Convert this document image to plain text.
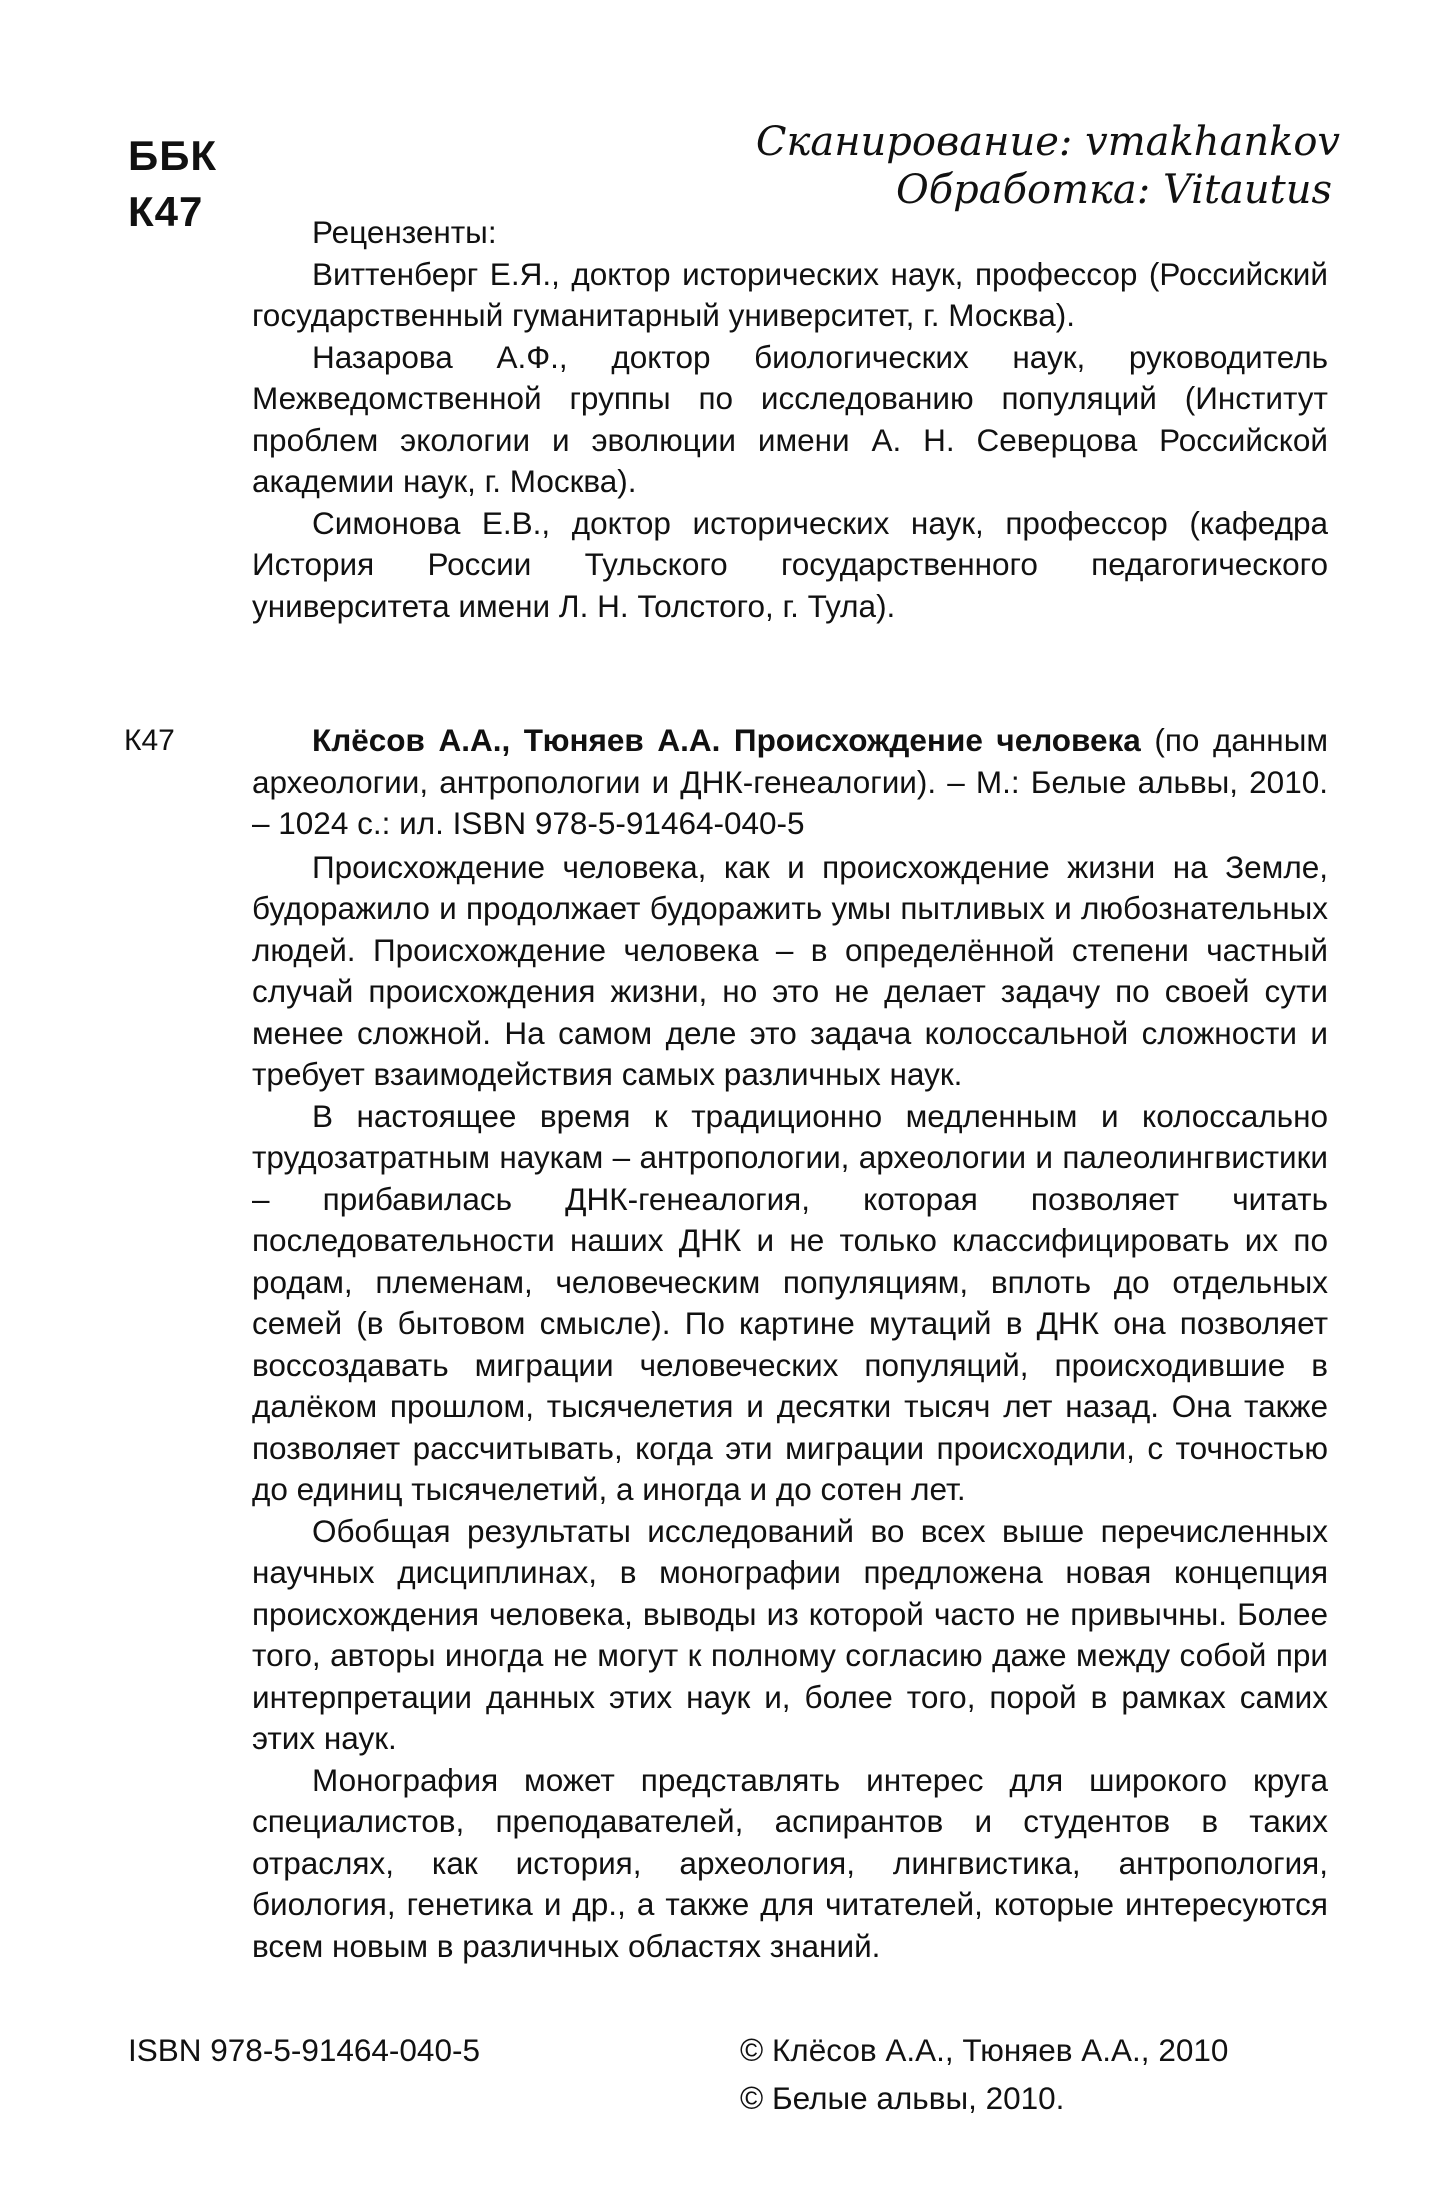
ББК
К47
Сканирование: vmakhankov
Обработка: Vitautus
Рецензенты:

Виттенберг Е.Я., доктор исторических наук, профессор (Российский государственный гуманитарный университет, г. Москва).

Назарова А.Ф., доктор биологических наук, руководитель Межведомственной группы по исследованию популяций (Институт проблем экологии и эволюции имени А. Н. Северцова Российской академии наук, г. Москва).

Симонова Е.В., доктор исторических наук, профессор (кафедра История России Тульского государственного педагогического университета имени Л. Н. Толстого, г. Тула).

К47	Клёсов А.А., Тюняев А.А. Происхождение человека (по данным археологии, антропологии и ДНК-генеалогии). – М.: Белые альвы, 2010. – 1024 с.: ил. ISBN 978-5-91464-040-5

Происхождение человека, как и происхождение жизни на Земле, будоражило и продолжает будоражить умы пытливых и любознательных людей. Происхождение человека – в определённой степени частный случай происхождения жизни, но это не делает задачу по своей сути менее сложной. На самом деле это задача колоссальной сложности и требует взаимодействия самых различных наук.

В настоящее время к традиционно медленным и колоссально трудозатратным наукам – антропологии, археологии и палеолингвистики – прибавилась ДНК-генеалогия, которая позволяет читать последовательности наших ДНК и не только классифицировать их по родам, племенам, человеческим популяциям, вплоть до отдельных семей (в бытовом смысле). По картине мутаций в ДНК она позволяет воссоздавать миграции человеческих популяций, происходившие в далёком прошлом, тысячелетия и десятки тысяч лет назад. Она также позволяет рассчитывать, когда эти миграции происходили, с точностью до единиц тысячелетий, а иногда и до сотен лет.

Обобщая результаты исследований во всех выше перечисленных научных дисциплинах, в монографии предложена новая концепция происхождения человека, выводы из которой часто не привычны. Более того, авторы иногда не могут к полному согласию даже между собой при интерпретации данных этих наук и, более того, порой в рамках самих этих наук.

Монография может представлять интерес для широкого круга специалистов, преподавателей, аспирантов и студентов в таких отраслях, как история, археология, лингвистика, антропология, биология, генетика и др., а также для читателей, которые интересуются всем новым в различных областях знаний.

ISBN 978-5-91464-040-5	© Клёсов А.А., Тюняев А.А., 2010
© Белые альвы, 2010.
